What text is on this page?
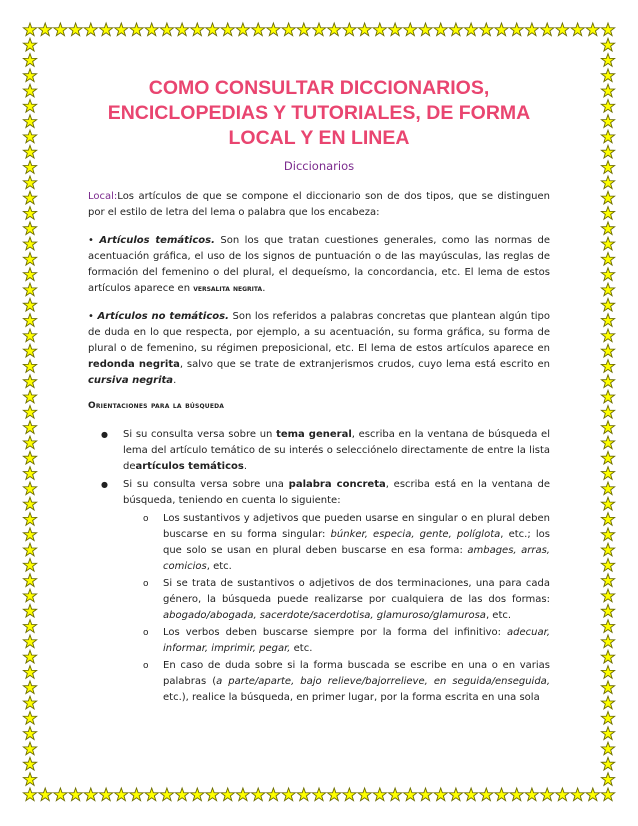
COMO CONSULTAR DICCIONARIOS, ENCICLOPEDIAS Y TUTORIALES, DE FORMA LOCAL Y EN LINEA
Diccionarios

Local:Los artículos de que se compone el diccionario son de dos tipos, que se distinguen por el estilo de letra del lema o palabra que los encabeza:

• Artículos temáticos. Son los que tratan cuestiones generales, como las normas de acentuación gráfica, el uso de los signos de puntuación o de las mayúsculas, las reglas de formación del femenino o del plural, el dequeísmo, la concordancia, etc. El lema de estos artículos aparece en versalita negrita.

• Artículos no temáticos. Son los referidos a palabras concretas que plantean algún tipo de duda en lo que respecta, por ejemplo, a su acentuación, su forma gráfica, su forma de plural o de femenino, su régimen preposicional, etc. El lema de estos artículos aparece en redonda negrita, salvo que se trate de extranjerismos crudos, cuyo lema está escrito en cursiva negrita.

Orientaciones para la búsqueda
● Si su consulta versa sobre un tema general, escriba en la ventana de búsqueda el lema del artículo temático de su interés o selecciónelo directamente de entre la lista deartículos temáticos.
● Si su consulta versa sobre una palabra concreta, escriba está en la ventana de búsqueda, teniendo en cuenta lo siguiente:
o Los sustantivos y adjetivos que pueden usarse en singular o en plural deben buscarse en su forma singular: búnker, especia, gente, políglota, etc.; los que solo se usan en plural deben buscarse en esa forma: ambages, arras, comicios, etc.
o Si se trata de sustantivos o adjetivos de dos terminaciones, una para cada género, la búsqueda puede realizarse por cualquiera de las dos formas: abogado/abogada, sacerdote/sacerdotisa, glamuroso/glamurosa, etc.
o Los verbos deben buscarse siempre por la forma del infinitivo: adecuar, informar, imprimir, pegar, etc.
o En caso de duda sobre si la forma buscada se escribe en una o en varias palabras (a parte/aparte, bajo relieve/bajorrelieve, en seguida/enseguida, etc.), realice la búsqueda, en primer lugar, por la forma escrita en una sola
